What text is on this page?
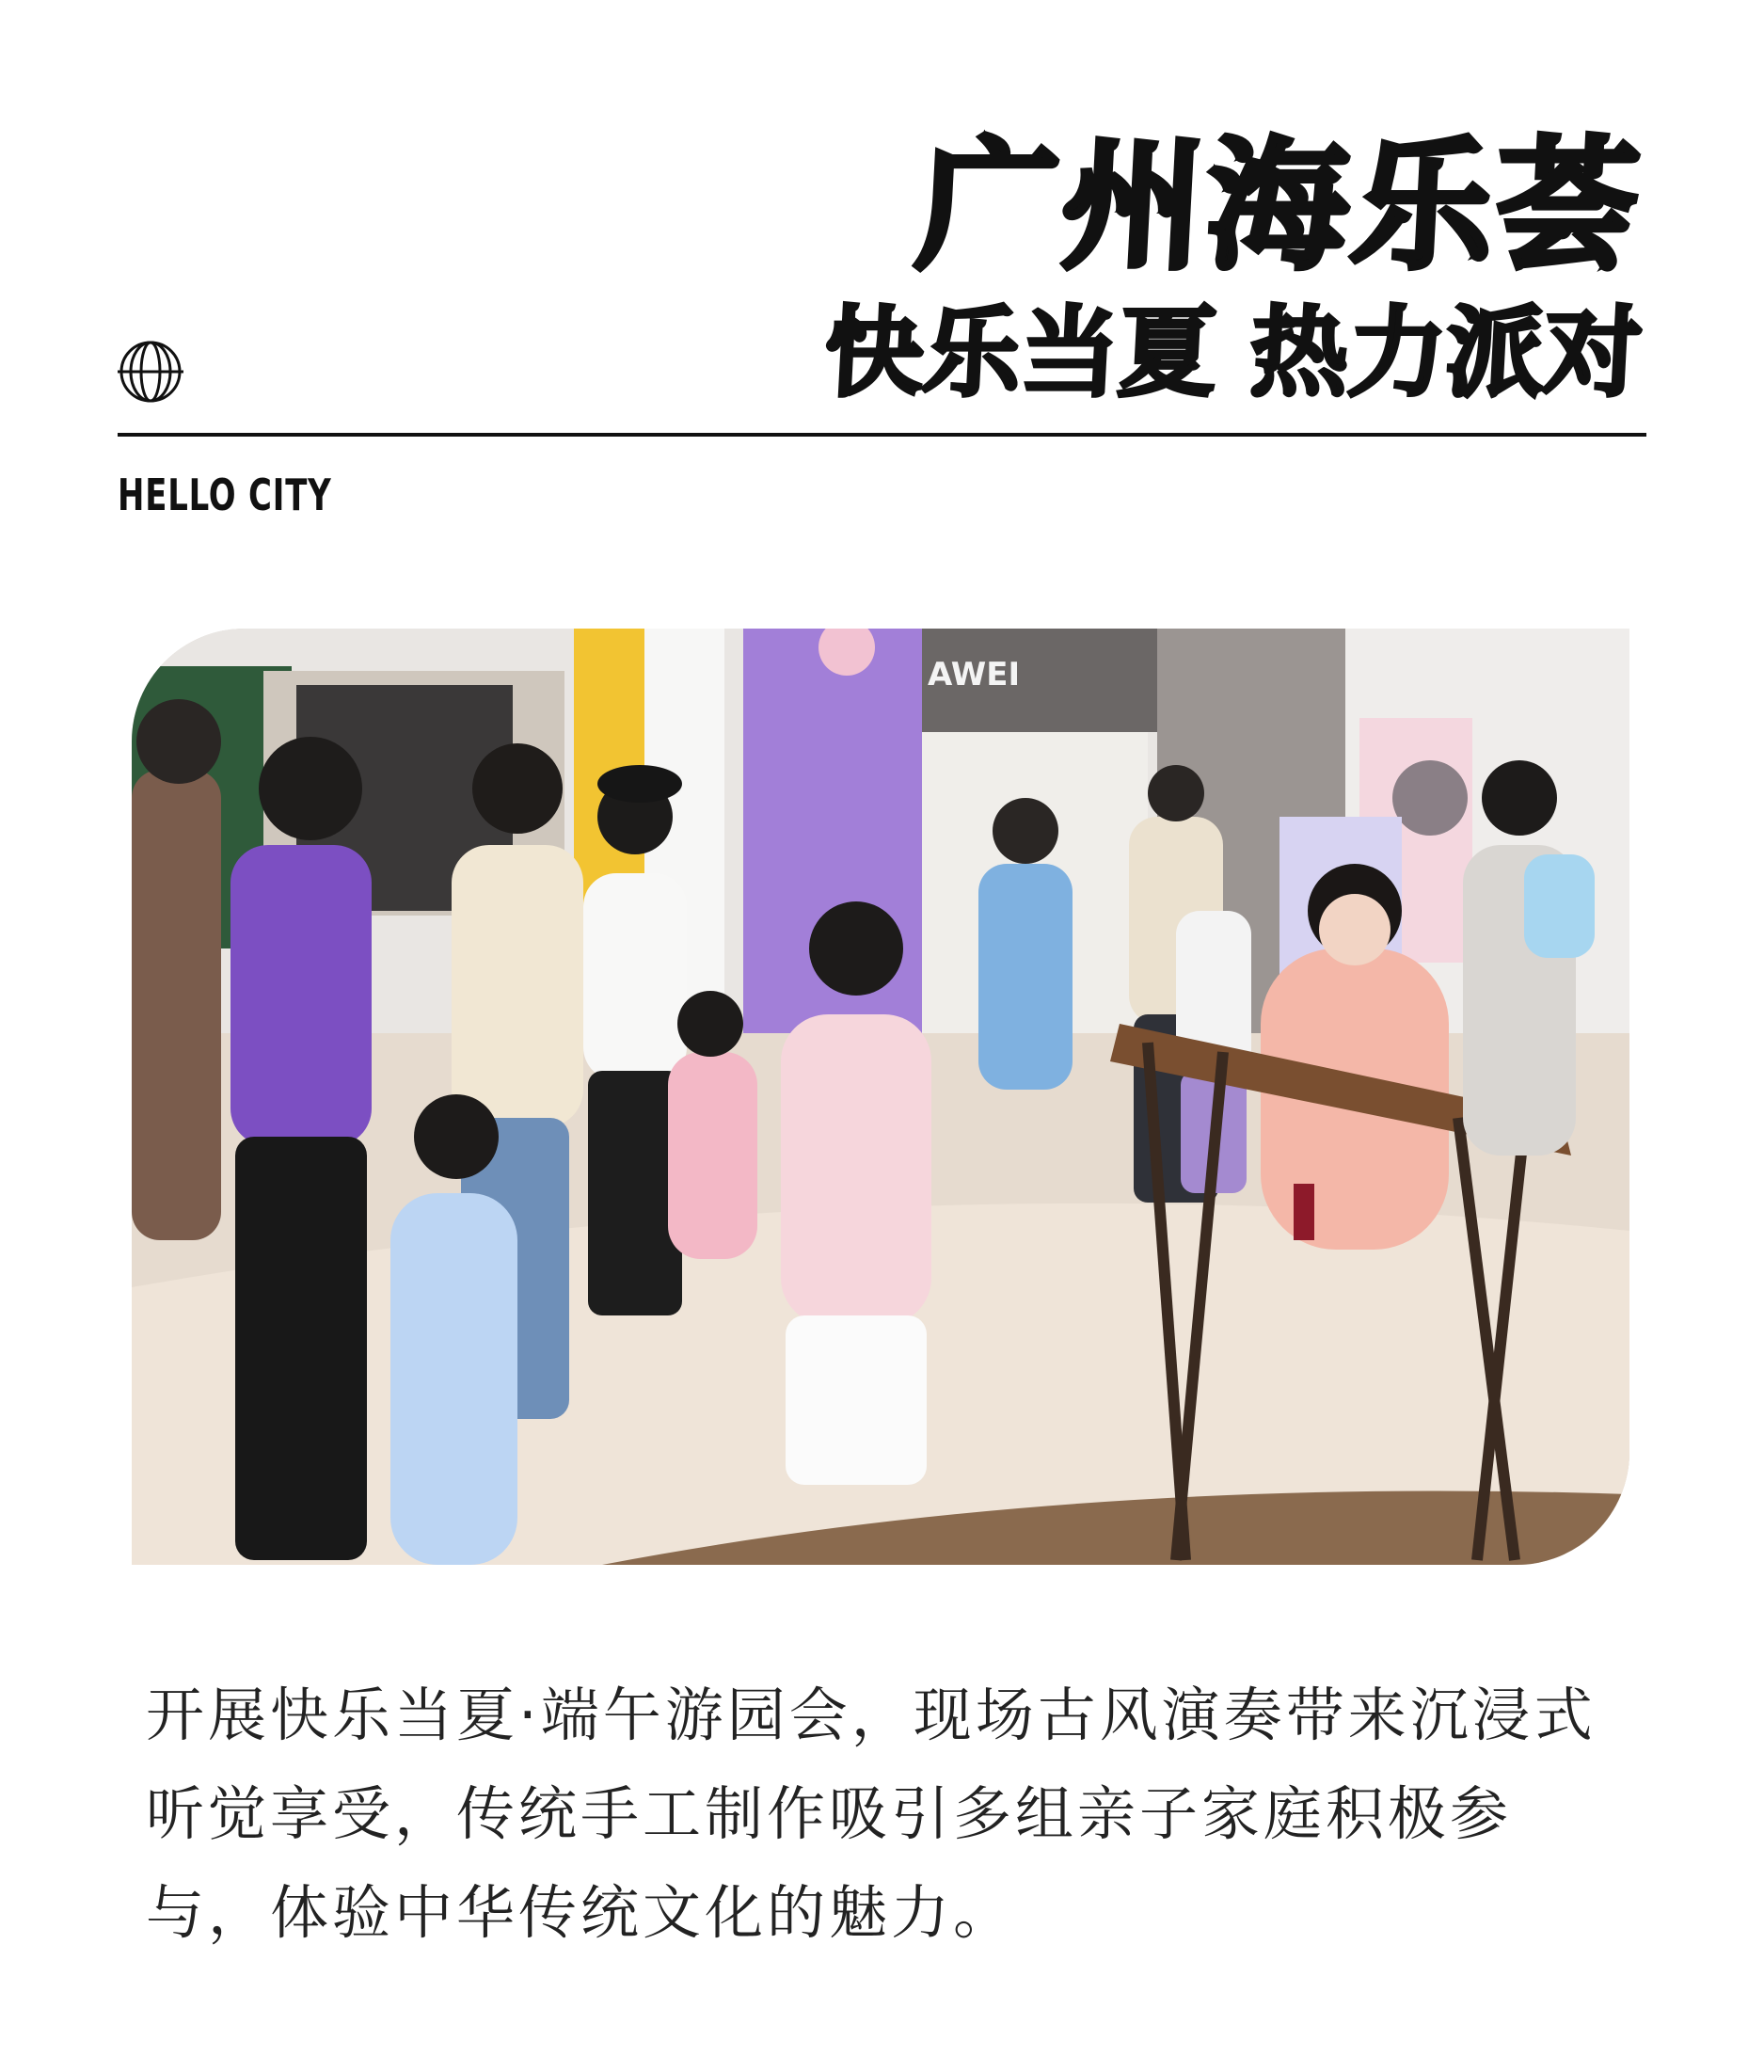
广州海乐荟
快乐当夏 热力派对
HELLO CITY
AWEI
开展快乐当夏·端午游园会，现场古风演奏带来沉浸式听觉享受，传统手工制作吸引多组亲子家庭积极参与，体验中华传统文化的魅力。
